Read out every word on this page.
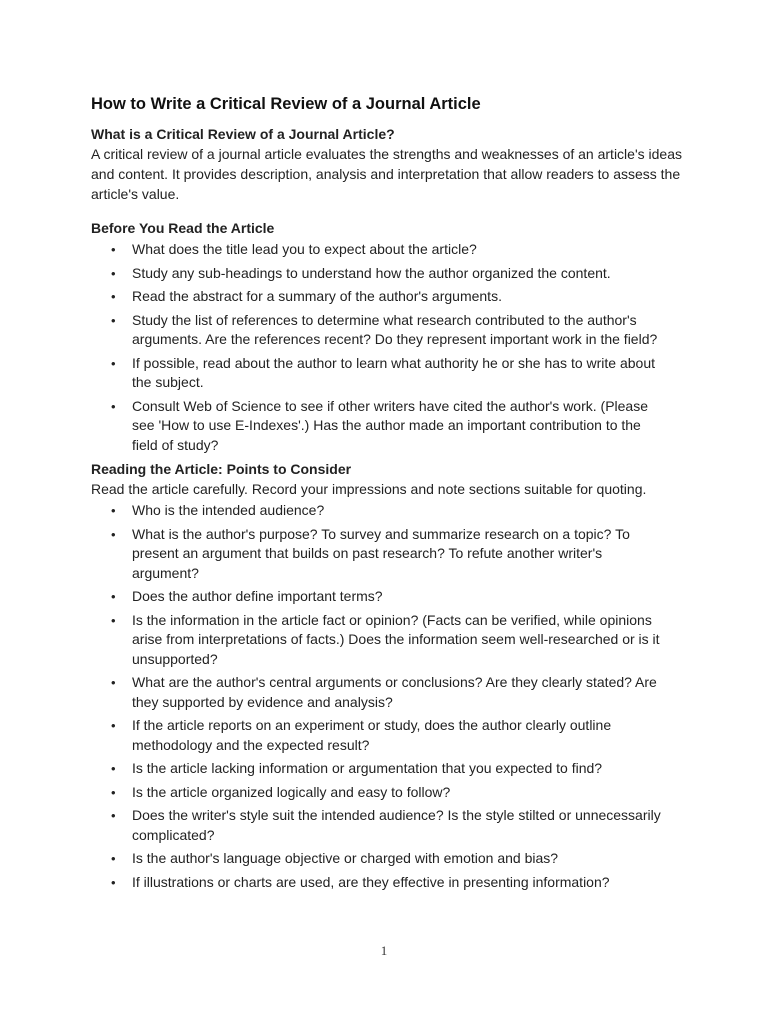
How to Write a Critical Review of a Journal Article
What is a Critical Review of a Journal Article?

A critical review of a journal article evaluates the strengths and weaknesses of an article's ideas and content. It provides description, analysis and interpretation that allow readers to assess the article's value.

Before You Read the Article
• What does the title lead you to expect about the article?
• Study any sub-headings to understand how the author organized the content.
• Read the abstract for a summary of the author's arguments.
• Study the list of references to determine what research contributed to the author's arguments. Are the references recent? Do they represent important work in the field?
• If possible, read about the author to learn what authority he or she has to write about the subject.
• Consult Web of Science to see if other writers have cited the author's work. (Please see 'How to use E-Indexes'.) Has the author made an important contribution to the field of study?
Reading the Article: Points to Consider

Read the article carefully. Record your impressions and note sections suitable for quoting.

• Who is the intended audience?
• What is the author's purpose? To survey and summarize research on a topic? To present an argument that builds on past research? To refute another writer's argument?
• Does the author define important terms?
• Is the information in the article fact or opinion? (Facts can be verified, while opinions arise from interpretations of facts.) Does the information seem well-researched or is it unsupported?
• What are the author's central arguments or conclusions? Are they clearly stated? Are they supported by evidence and analysis?
• If the article reports on an experiment or study, does the author clearly outline methodology and the expected result?
• Is the article lacking information or argumentation that you expected to find?
• Is the article organized logically and easy to follow?
• Does the writer's style suit the intended audience? Is the style stilted or unnecessarily complicated?
• Is the author's language objective or charged with emotion and bias?
• If illustrations or charts are used, are they effective in presenting information?
1
